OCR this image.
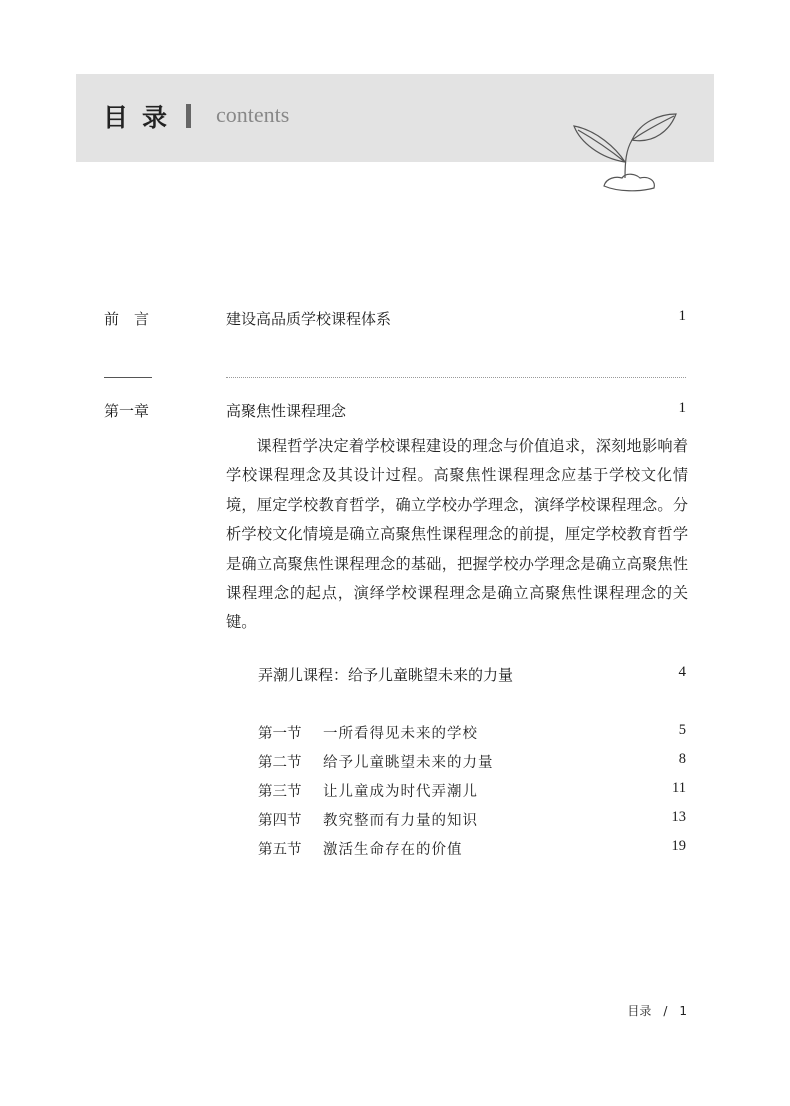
目录 contents
前　言	建设高品质学校课程体系	1
第一章	高聚焦性课程理念	1
课程哲学决定着学校课程建设的理念与价值追求，深刻地影响着学校课程理念及其设计过程。高聚焦性课程理念应基于学校文化情境，厘定学校教育哲学，确立学校办学理念，演绎学校课程理念。分析学校文化情境是确立高聚焦性课程理念的前提，厘定学校教育哲学是确立高聚焦性课程理念的基础，把握学校办学理念是确立高聚焦性课程理念的起点，演绎学校课程理念是确立高聚焦性课程理念的关键。
弄潮儿课程：给予儿童眺望未来的力量	4
第一节 一所看得见未来的学校	5
第二节 给予儿童眺望未来的力量	8
第三节 让儿童成为时代弄潮儿	11
第四节 教究整而有力量的知识	13
第五节 激活生命存在的价值	19
目录　/　1
